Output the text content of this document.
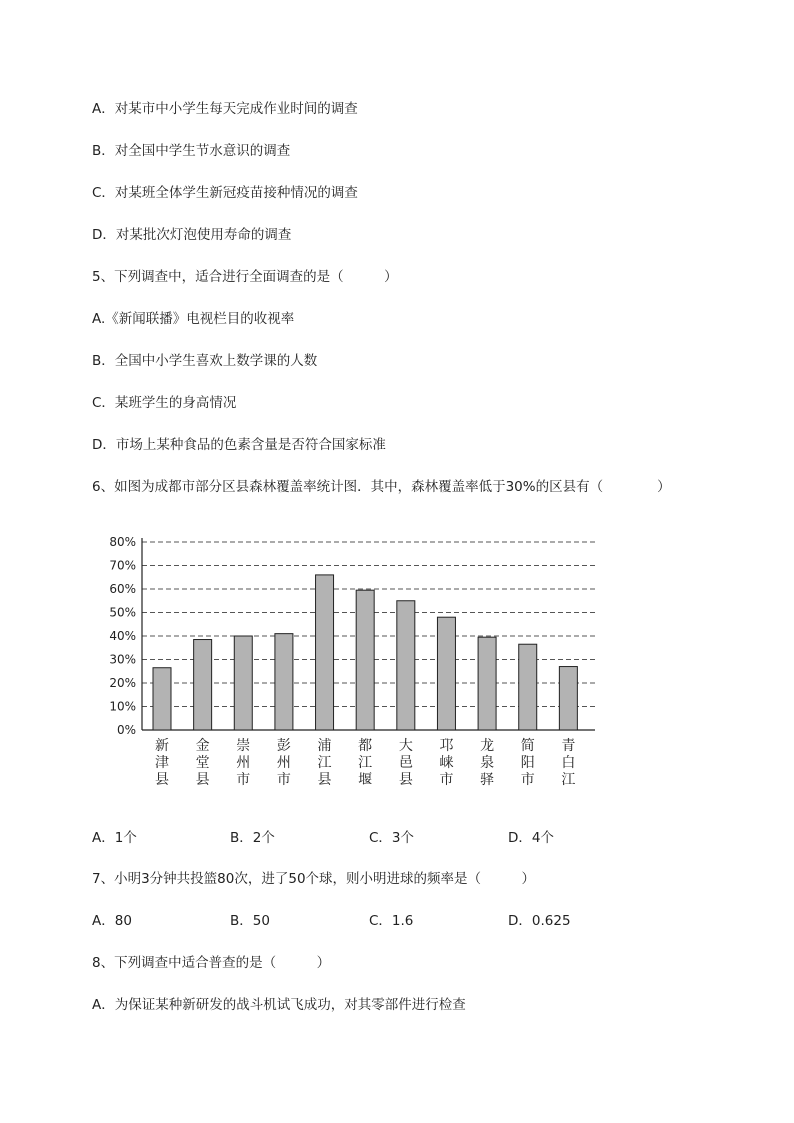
A．对某市中小学生每天完成作业时间的调查
B．对全国中学生节水意识的调查
C．对某班全体学生新冠疫苗接种情况的调查
D．对某批次灯泡使用寿命的调查
5、下列调查中，适合进行全面调查的是（　　　）
A.《新闻联播》电视栏目的收视率
B．全国中小学生喜欢上数学课的人数
C．某班学生的身高情况
D．市场上某种食品的色素含量是否符合国家标准
6、如图为成都市部分区县森林覆盖率统计图．其中，森林覆盖率低于30%的区县有（　　　　）
0%
10%
20%
30%
40%
50%
60%
70%
80%
新
津
县
金
堂
县
崇
州
市
彭
州
市
浦
江
县
都
江
堰
大
邑
县
邛
崃
市
龙
泉
驿
简
阳
市
青
白
江
A．1个	B．2个	C．3个	D．4个
7、小明3分钟共投篮80次，进了50个球，则小明进球的频率是（　　　）
A．80	B．50	C．1.6	D．0.625
8、下列调查中适合普查的是（　　　）
A．为保证某种新研发的战斗机试飞成功，对其零部件进行检查
